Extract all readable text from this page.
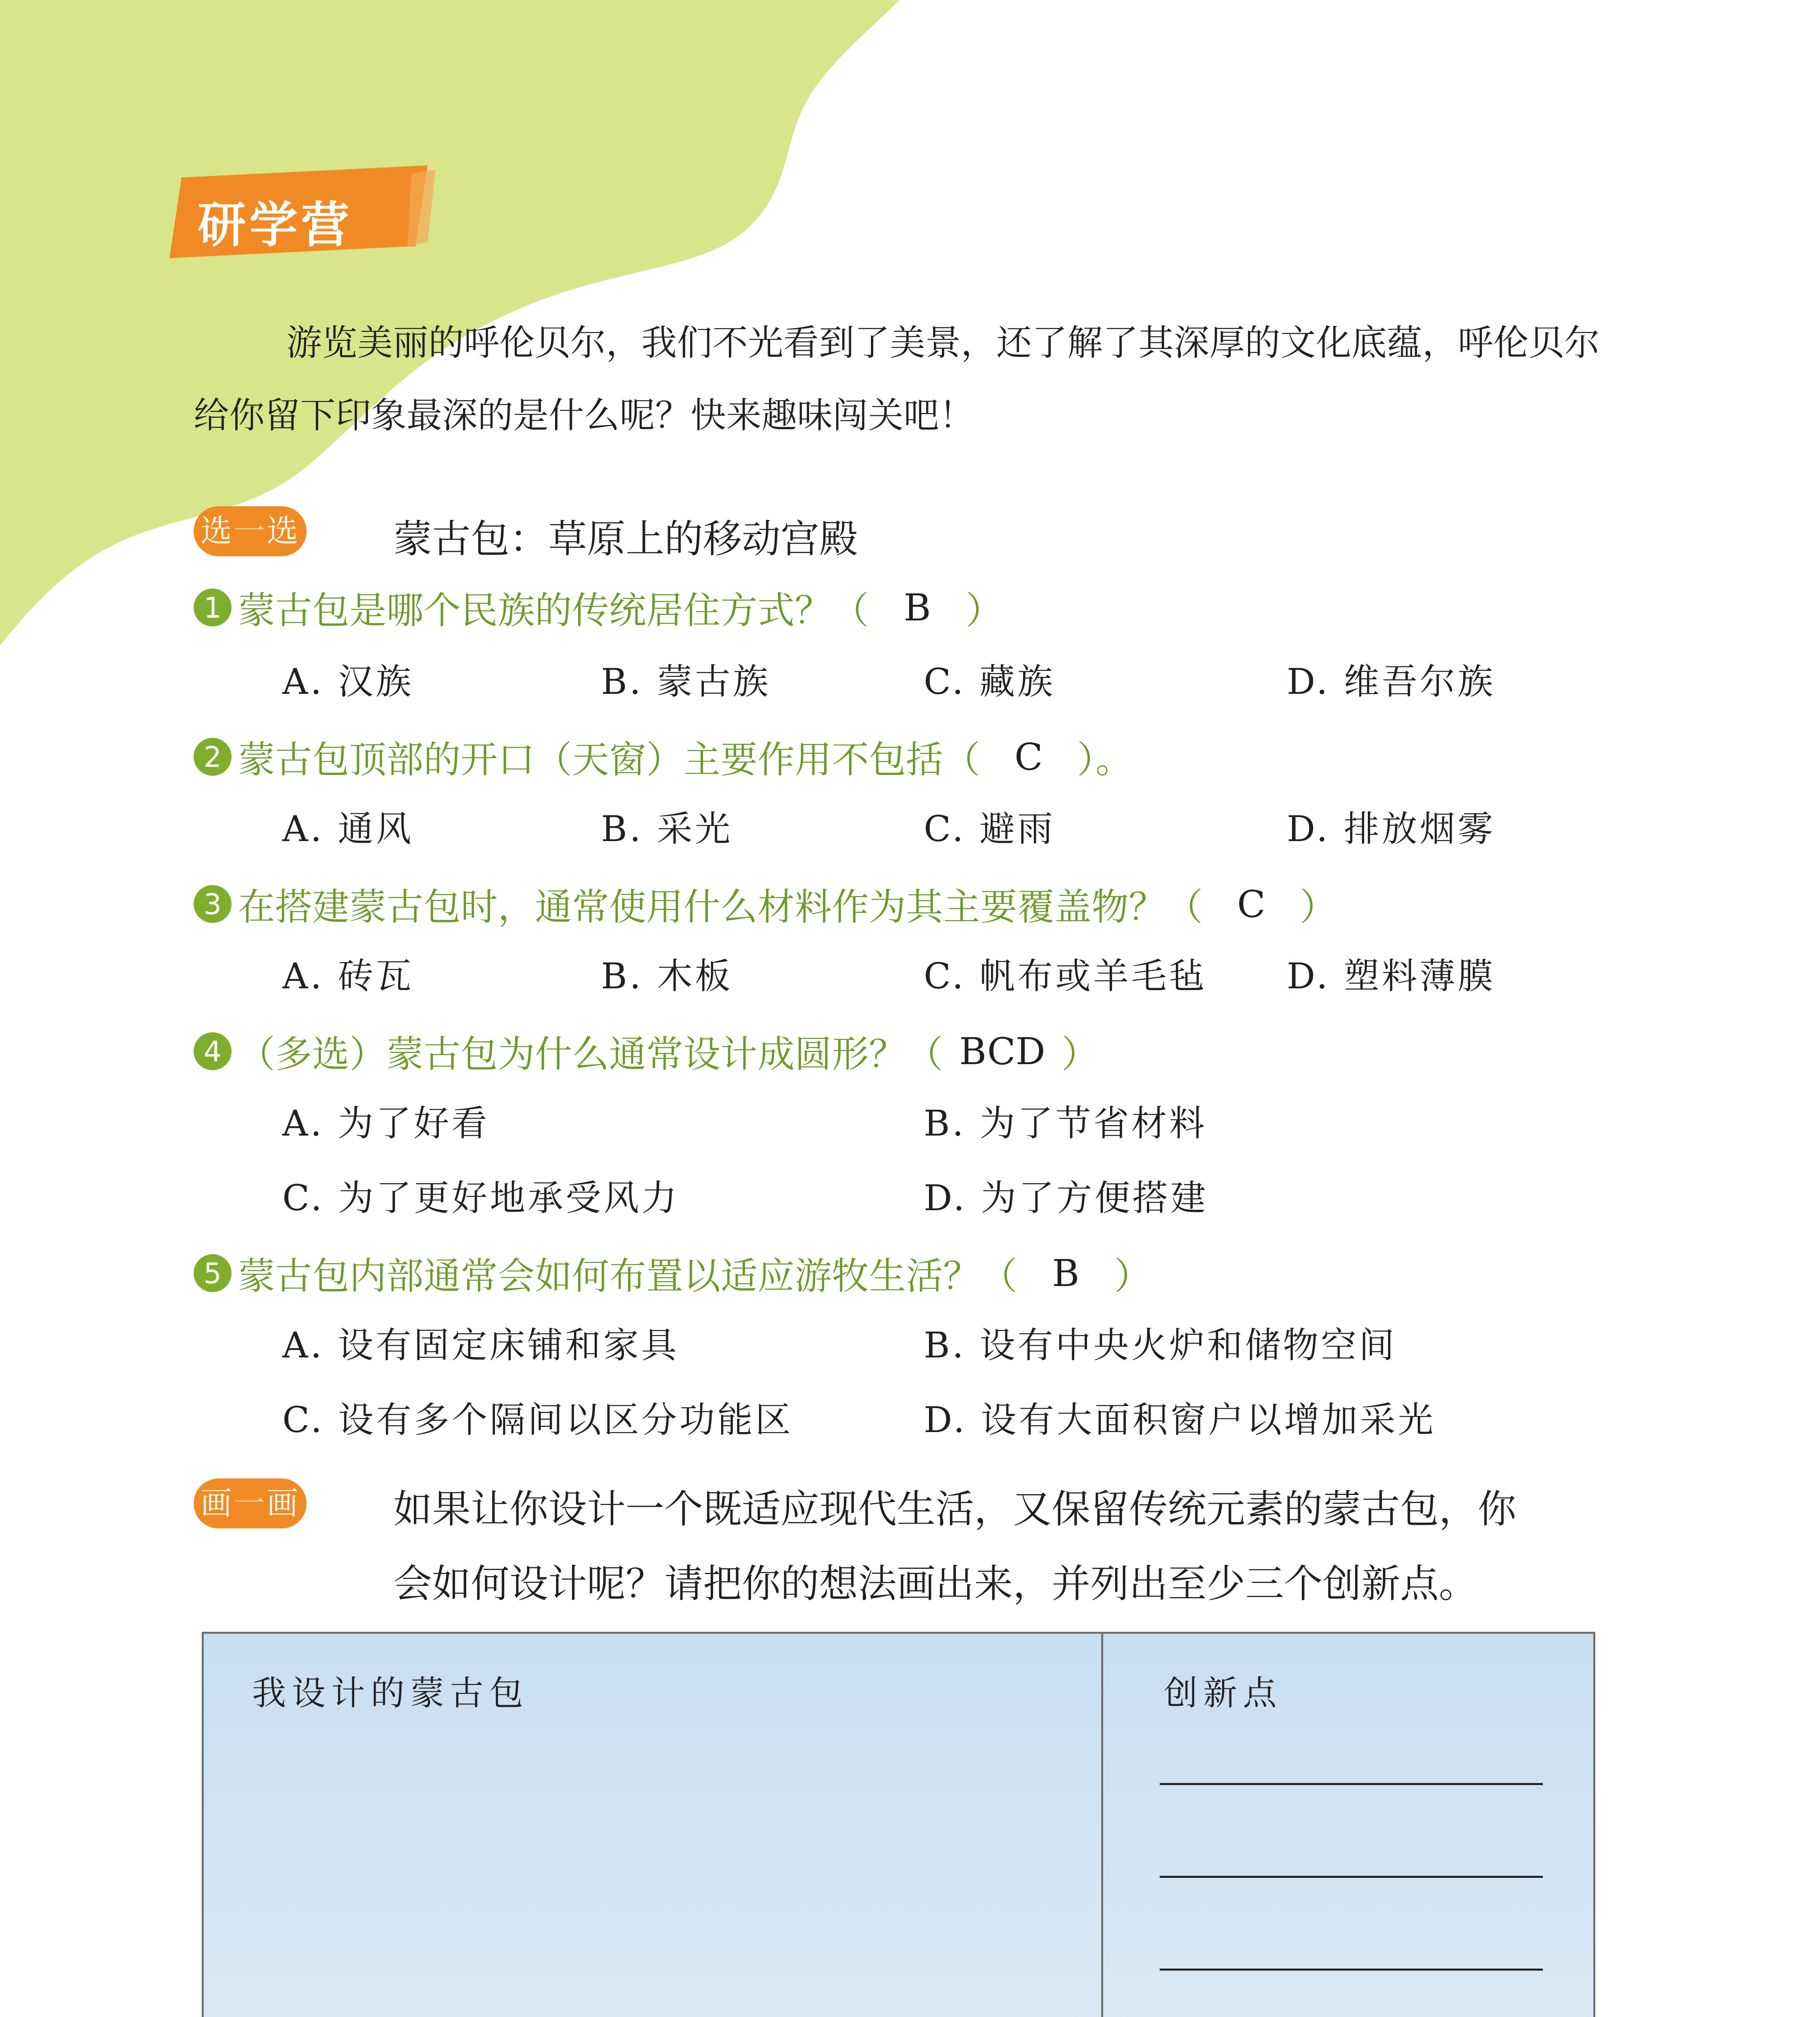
研学营
游览美丽的呼伦贝尔，我们不光看到了美景，还了解了其深厚的文化底蕴，呼伦贝尔给你留下印象最深的是什么呢？快来趣味闯关吧！
选一选 蒙古包：草原上的移动宫殿
1 蒙古包是哪个民族的传统居住方式？（ B ）
A. 汉族	B. 蒙古族	C. 藏族	D. 维吾尔族
2 蒙古包顶部的开口（天窗）主要作用不包括（ C ）。
A. 通风	B. 采光	C. 避雨	D. 排放烟雾
3 在搭建蒙古包时，通常使用什么材料作为其主要覆盖物？（ C ）
A. 砖瓦	B. 木板	C. 帆布或羊毛毡 D. 塑料薄膜
4 （多选）蒙古包为什么通常设计成圆形？（ BCD ）
A. 为了好看	B. 为了节省材料
C. 为了更好地承受风力	D. 为了方便搭建
5 蒙古包内部通常会如何布置以适应游牧生活？（ B ）
A. 设有固定床铺和家具	B. 设有中央火炉和储物空间
C. 设有多个隔间以区分功能区	D. 设有大面积窗户以增加采光
画一画 如果让你设计一个既适应现代生活，又保留传统元素的蒙古包，你
会如何设计呢？请把你的想法画出来，并列出至少三个创新点。
我设计的蒙古包	创新点
